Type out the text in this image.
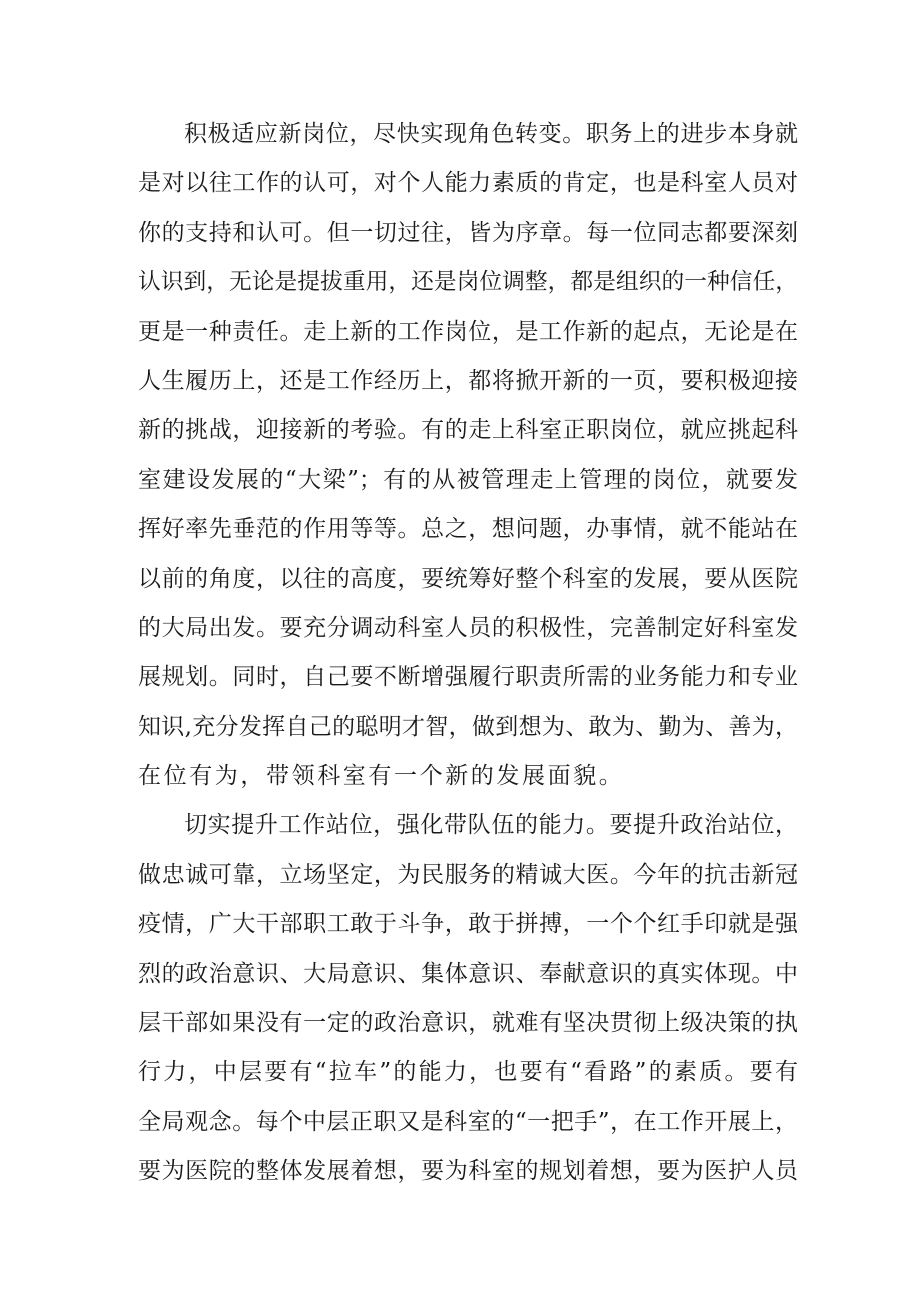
积极适应新岗位，尽快实现角色转变。职务上的进步本身就
是对以往工作的认可，对个人能力素质的肯定，也是科室人员对
你的支持和认可。但一切过往，皆为序章。每一位同志都要深刻
认识到，无论是提拔重用，还是岗位调整，都是组织的一种信任，
更是一种责任。走上新的工作岗位，是工作新的起点，无论是在
人生履历上，还是工作经历上，都将掀开新的一页，要积极迎接
新的挑战，迎接新的考验。有的走上科室正职岗位，就应挑起科
室建设发展的“大梁”；有的从被管理走上管理的岗位，就要发
挥好率先垂范的作用等等。总之，想问题，办事情，就不能站在
以前的角度，以往的高度，要统筹好整个科室的发展，要从医院
的大局出发。要充分调动科室人员的积极性，完善制定好科室发
展规划。同时，自己要不断增强履行职责所需的业务能力和专业
知识,充分发挥自己的聪明才智，做到想为、敢为、勤为、善为，
在位有为，带领科室有一个新的发展面貌。

切实提升工作站位，强化带队伍的能力。要提升政治站位，
做忠诚可靠，立场坚定，为民服务的精诚大医。今年的抗击新冠
疫情，广大干部职工敢于斗争，敢于拼搏，一个个红手印就是强
烈的政治意识、大局意识、集体意识、奉献意识的真实体现。中
层干部如果没有一定的政治意识，就难有坚决贯彻上级决策的执
行力，中层要有“拉车”的能力，也要有“看路”的素质。要有
全局观念。每个中层正职又是科室的“一把手”，在工作开展上，
要为医院的整体发展着想，要为科室的规划着想，要为医护人员
